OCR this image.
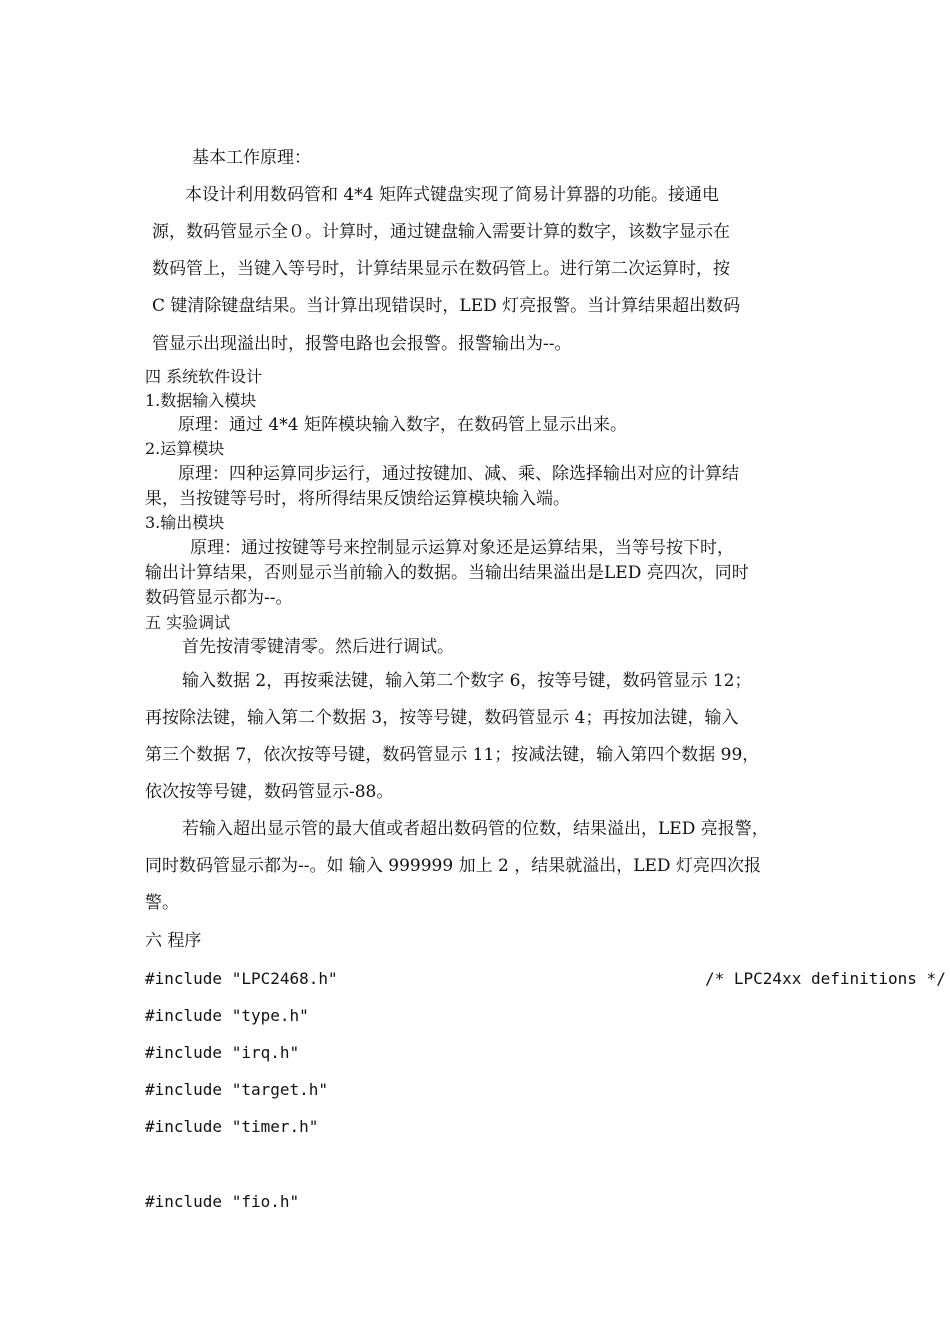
基本工作原理：
本设计利用数码管和 4*4 矩阵式键盘实现了简易计算器的功能。接通电
源，数码管显示全０。计算时，通过键盘输入需要计算的数字，该数字显示在
数码管上，当键入等号时，计算结果显示在数码管上。进行第二次运算时，按
C 键清除键盘结果。当计算出现错误时，LED 灯亮报警。当计算结果超出数码
管显示出现溢出时，报警电路也会报警。报警输出为--。
四 系统软件设计
1.数据输入模块
原理：通过 4*4 矩阵模块输入数字，在数码管上显示出来。
2.运算模块
原理：四种运算同步运行，通过按键加、减、乘、除选择输出对应的计算结
果，当按键等号时，将所得结果反馈给运算模块输入端。
3.输出模块
原理：通过按键等号来控制显示运算对象还是运算结果，当等号按下时，
输出计算结果，否则显示当前输入的数据。当输出结果溢出是LED 亮四次，同时
数码管显示都为--。
五 实验调试
首先按清零键清零。然后进行调试。
输入数据 2，再按乘法键，输入第二个数字 6，按等号键，数码管显示 12；
再按除法键，输入第二个数据 3，按等号键，数码管显示 4；再按加法键，输入
第三个数据 7，依次按等号键，数码管显示 11；按减法键，输入第四个数据 99，
依次按等号键，数码管显示-88。
若输入超出显示管的最大值或者超出数码管的位数，结果溢出，LED 亮报警，
同时数码管显示都为--。如 输入 999999 加上 2 ，结果就溢出，LED 灯亮四次报
警。
六 程序
#include "LPC2468.h"	/* LPC24xx definitions */
#include "type.h"
#include "irq.h"
#include "target.h"
#include "timer.h"
#include "fio.h"
